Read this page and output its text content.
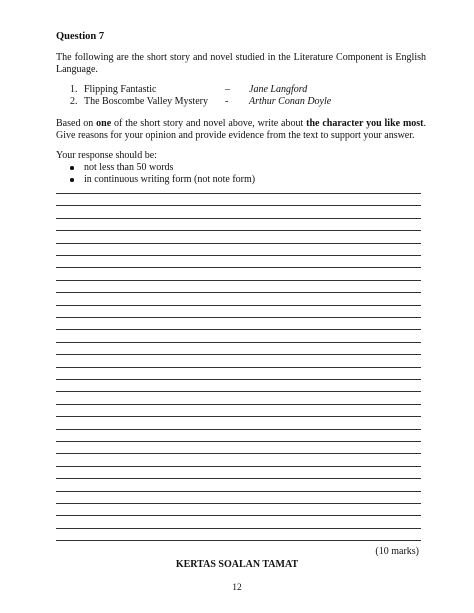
Question 7
The following are the short story and novel studied in the Literature Component is English Language.
1. Flipping Fantastic	– Jane Langford
2. The Boscombe Valley Mystery - Arthur Conan Doyle
Based on one of the short story and novel above, write about the character you like most. Give reasons for your opinion and provide evidence from the text to support your answer.
Your response should be:
not less than 50 words
in continuous writing form (not note form)
(10 marks)
KERTAS SOALAN TAMAT
12
